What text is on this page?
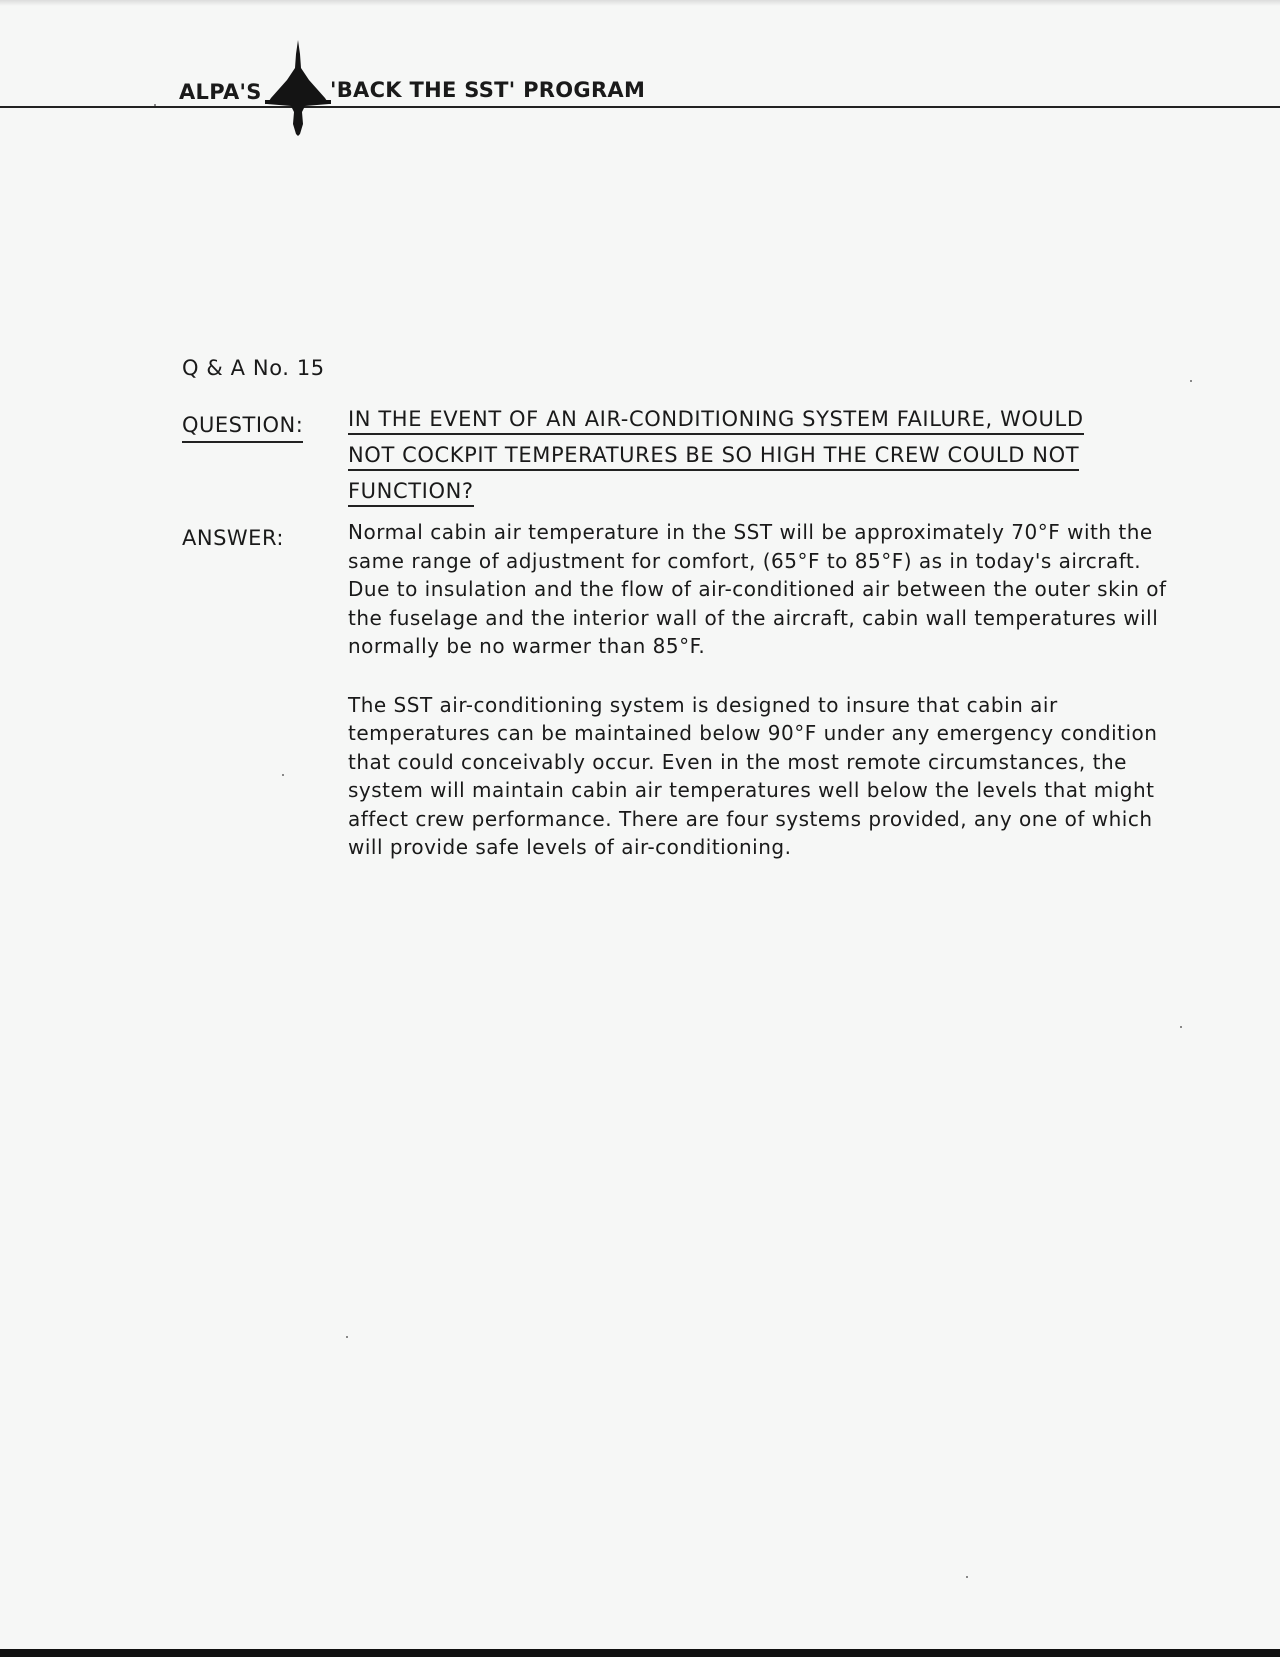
ALPA'S	'BACK THE SST' PROGRAM
Q & A No. 15
QUESTION: IN THE EVENT OF AN AIR-CONDITIONING SYSTEM FAILURE, WOULD
NOT COCKPIT TEMPERATURES BE SO HIGH THE CREW COULD NOT
FUNCTION?
ANSWER:	Normal cabin air temperature in the SST will be approximately 70°F with the same range of adjustment for comfort, (65°F to 85°F) as in today's aircraft. Due to insulation and the flow of air-conditioned air between the outer skin of the fuselage and the interior wall of the aircraft, cabin wall temperatures will normally be no warmer than 85°F.

The SST air-conditioning system is designed to insure that cabin air temperatures can be maintained below 90°F under any emergency condition that could conceivably occur. Even in the most remote circumstances, the system will maintain cabin air temperatures well below the levels that might affect crew performance. There are four systems provided, any one of which will provide safe levels of air-conditioning.
